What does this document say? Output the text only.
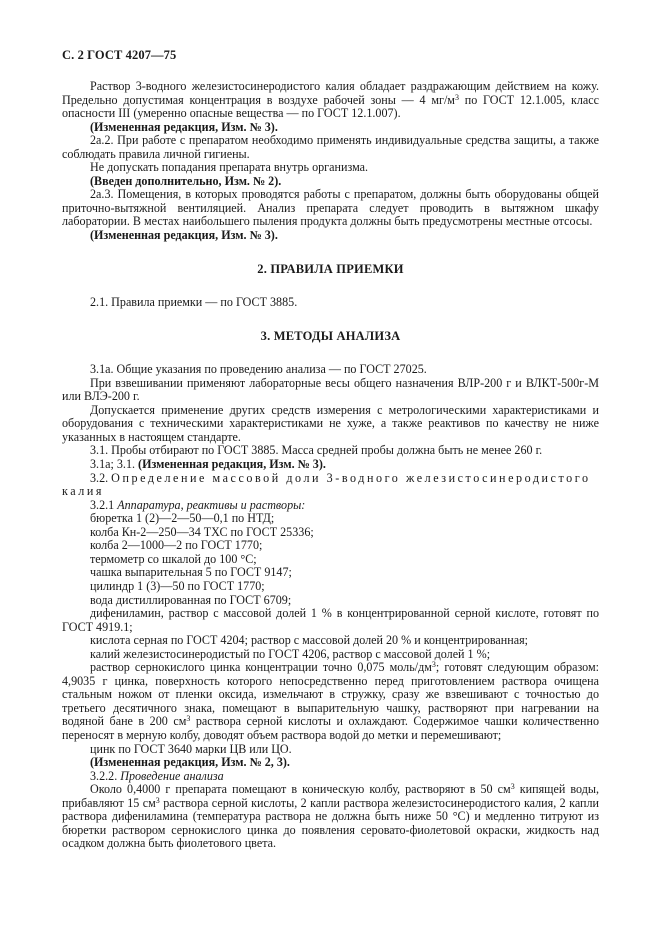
С. 2 ГОСТ 4207—75

Раствор 3-водного железистосинеродистого калия обладает раздражающим действием на кожу. Предельно допустимая концентрация в воздухе рабочей зоны — 4 $мг/м^3$ по ГОСТ 12.1.005, класс опасности III (умеренно опасные вещества — по ГОСТ 12.1.007).

(Измененная редакция, Изм. № 3).

2а.2. При работе с препаратом необходимо применять индивидуальные средства защиты, а также соблюдать правила личной гигиены.

Не допускать попадания препарата внутрь организма.

(Введен дополнительно, Изм. № 2).

2а.3. Помещения, в которых проводятся работы с препаратом, должны быть оборудованы общей приточно-вытяжной вентиляцией. Анализ препарата следует проводить в вытяжном шкафу лаборатории. В местах наибольшего пыления продукта должны быть предусмотрены местные отсосы.

(Измененная редакция, Изм. № 3).

2. ПРАВИЛА ПРИЕМКИ

2.1. Правила приемки — по ГОСТ 3885.

3. МЕТОДЫ АНАЛИЗА

3.1а. Общие указания по проведению анализа — по ГОСТ 27025.

При взвешивании применяют лабораторные весы общего назначения ВЛР-200 г и ВЛКТ-500г-М или ВЛЭ-200 г.

Допускается применение других средств измерения с метрологическими характеристиками и оборудования с техническими характеристиками не хуже, а также реактивов по качеству не ниже указанных в настоящем стандарте.

3.1. Пробы отбирают по ГОСТ 3885. Масса средней пробы должна быть не менее 260 г.

3.1а; 3.1. (Измененная редакция, Изм. № 3).

3.2. Определение массовой доли 3-водного железистосинеродистого калия

3.2.1 Аппаратура, реактивы и растворы:

бюретка 1 (2)—2—50—0,1 по НТД;

колба Кн-2—250—34 ТХС по ГОСТ 25336;

колба 2—1000—2 по ГОСТ 1770;

термометр со шкалой до 100 °С;

чашка выпарительная 5 по ГОСТ 9147;

цилиндр 1 (3)—50 по ГОСТ 1770;

вода дистиллированная по ГОСТ 6709;

дифениламин, раствор с массовой долей 1 % в концентрированной серной кислоте, готовят по ГОСТ 4919.1;

кислота серная по ГОСТ 4204; раствор с массовой долей 20 % и концентрированная;

калий железистосинеродистый по ГОСТ 4206, раствор с массовой долей 1 %;

раствор сернокислого цинка концентрации точно 0,075 моль/$дм^3$; готовят следующим образом: 4,9035 г цинка, поверхность которого непосредственно перед приготовлением раствора очищена стальным ножом от пленки оксида, измельчают в стружку, сразу же взвешивают с точностью до третьего десятичного знака, помещают в выпарительную чашку, растворяют при нагревании на водяной бане в 200 $см^3$ раствора серной кислоты и охлаждают. Содержимое чашки количественно переносят в мерную колбу, доводят объем раствора водой до метки и перемешивают;

цинк по ГОСТ 3640 марки ЦВ или ЦО.

(Измененная редакция, Изм. № 2, 3).

3.2.2. Проведение анализа

Около 0,4000 г препарата помещают в коническую колбу, растворяют в 50 $см^3$ кипящей воды, прибавляют 15 $см^3$ раствора серной кислоты, 2 капли раствора железистосинеродистого калия, 2 капли раствора дифениламина (температура раствора не должна быть ниже 50 °С) и медленно титруют из бюретки раствором сернокислого цинка до появления серовато-фиолетовой окраски, жидкость над осадком должна быть фиолетового цвета.
